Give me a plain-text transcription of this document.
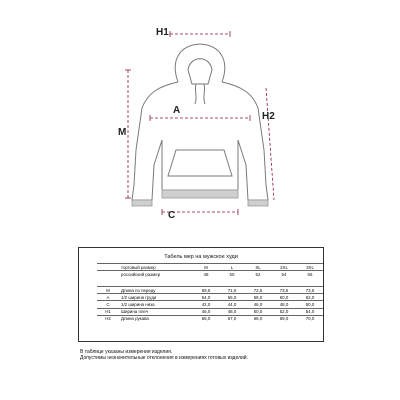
H1
H2
A
M
C
Табель мер на мужское худи
	торговый размер	M	L	XL	2XL	3XL
	российский размер	48	50	52	54	56
M	Длина по переду	69,5	71,0	72,5	73,5	73,5
A	1/2 ширина груди	54,0	56,0	58,0	60,0	62,0
C	1/2 ширина низа	42,0	44,0	46,0	48,0	50,0
H1	Ширина плеч	46,0	48,0	50,0	52,0	54,0
H2	Длина рукава	66,0	67,0	68,0	69,0	70,0
В таблице указаны измерения изделия.
Допустимы незначительные отклонения в измерениях готовых изделий.
